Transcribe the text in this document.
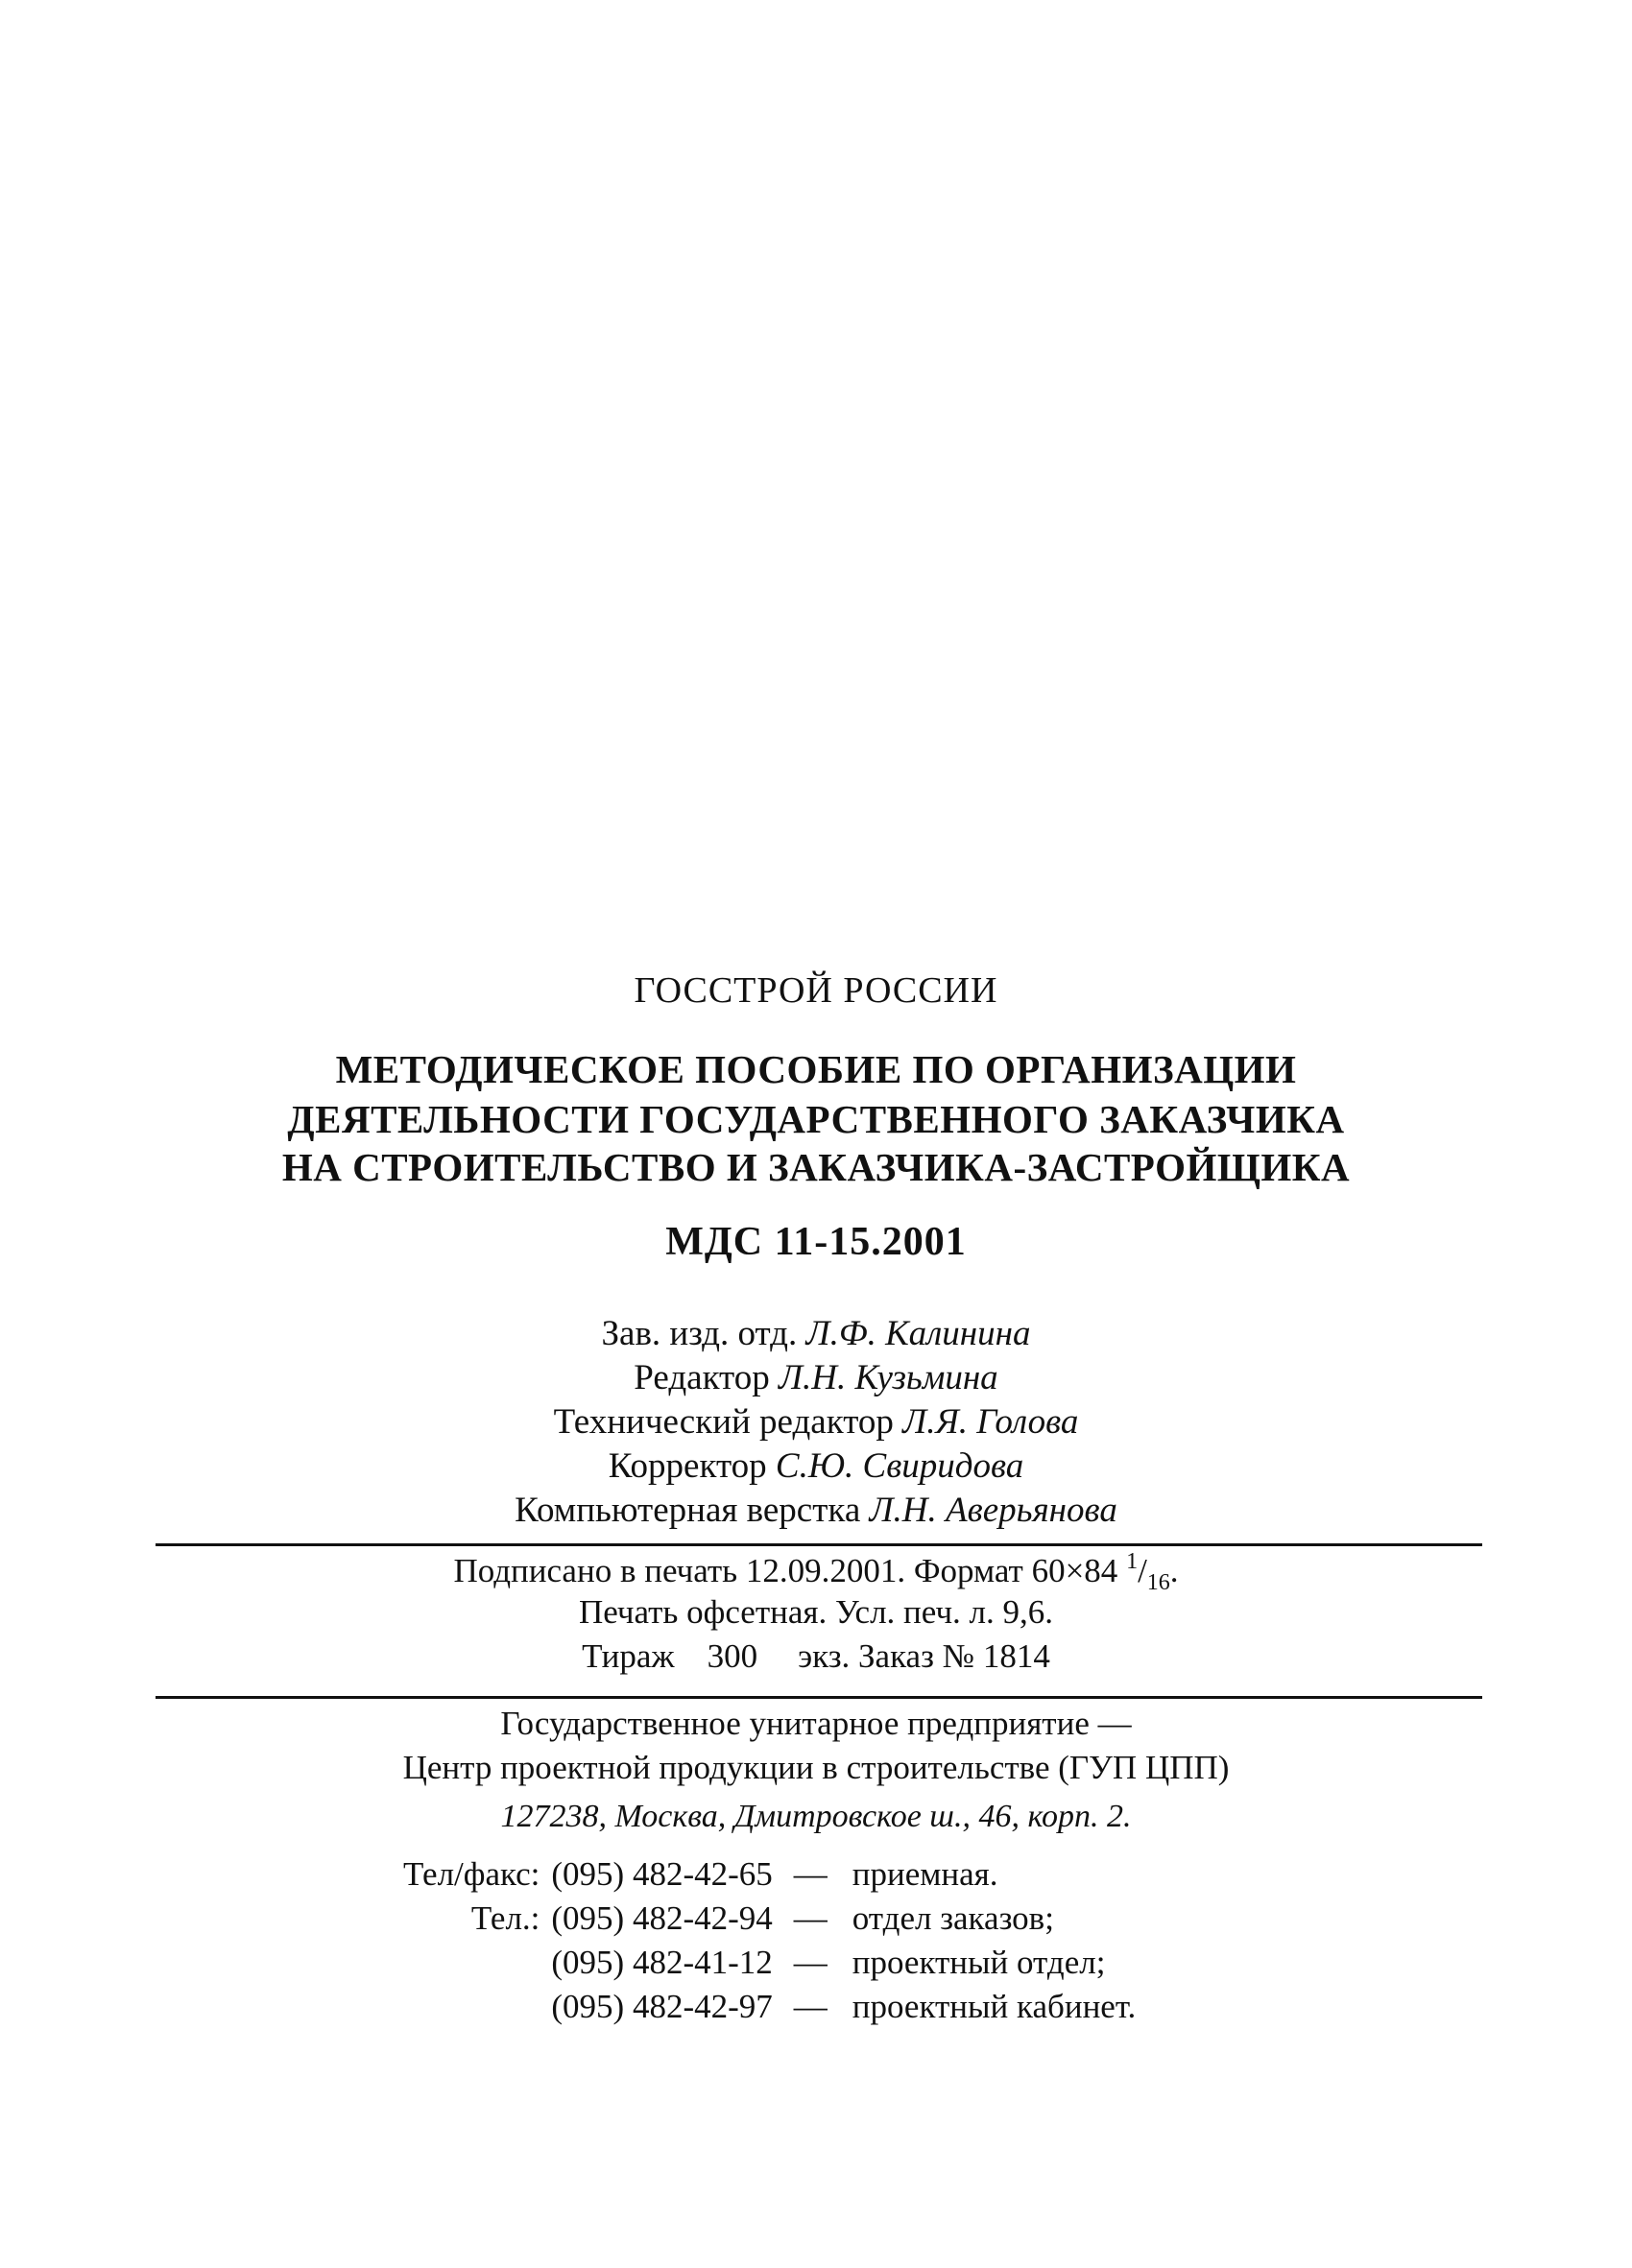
ГОССТРОЙ РОССИИ
МЕТОДИЧЕСКОЕ ПОСОБИЕ ПО ОРГАНИЗАЦИИ
ДЕЯТЕЛЬНОСТИ ГОСУДАРСТВЕННОГО ЗАКАЗЧИКА
НА СТРОИТЕЛЬСТВО И ЗАКАЗЧИКА-ЗАСТРОЙЩИКА
МДС 11-15.2001
Зав. изд. отд. Л.Ф. Калинина
Редактор Л.Н. Кузьмина
Технический редактор Л.Я. Голова
Корректор С.Ю. Свиридова
Компьютерная верстка Л.Н. Аверьянова
Подписано в печать 12.09.2001. Формат 60×84 $^1/_{16}$.
Печать офсетная. Усл. печ. л. 9,6.
Тираж 300 экз. Заказ № 1814
Государственное унитарное предприятие —
Центр проектной продукции в строительстве (ГУП ЦПП)
127238, Москва, Дмитровское ш., 46, корп. 2.
Тел/факс:	(095) 482-42-65	—	приемная.
Тел.:	(095) 482-42-94	—	отдел заказов;
	(095) 482-41-12	—	проектный отдел;
	(095) 482-42-97	—	проектный кабинет.
